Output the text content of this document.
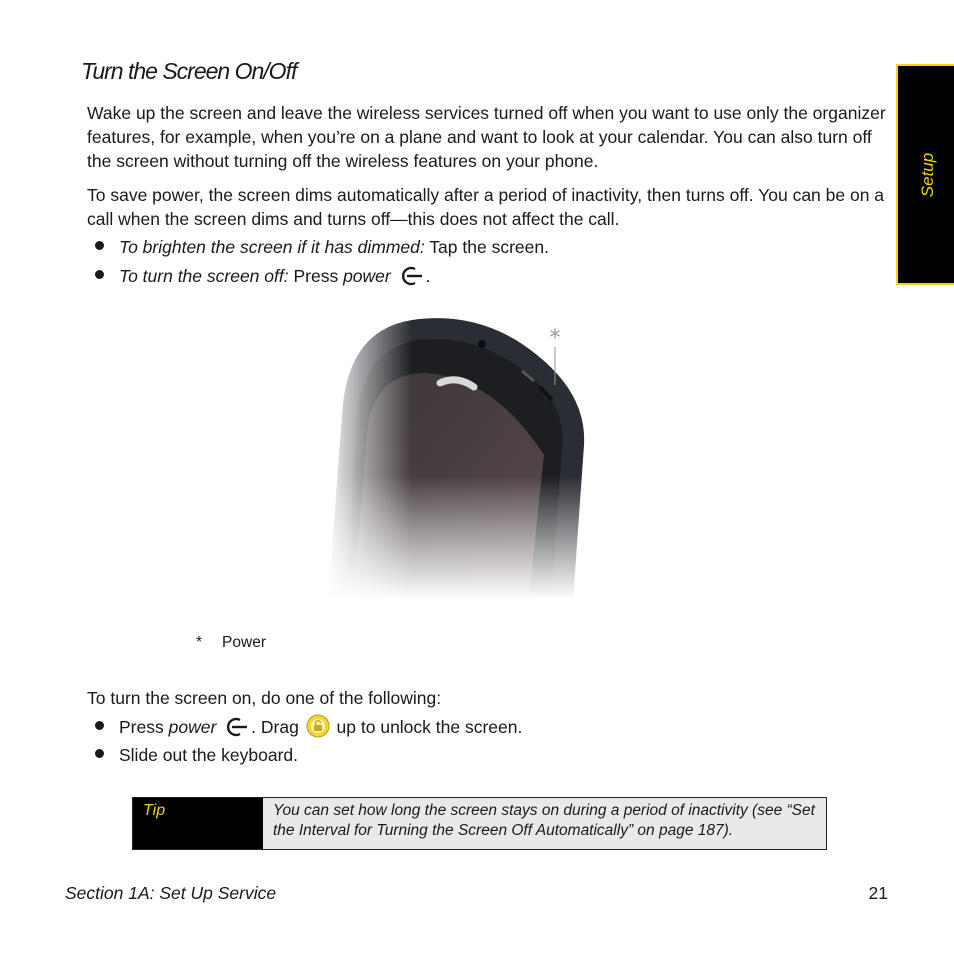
Turn the Screen On/Off

Wake up the screen and leave the wireless services turned off when you want to use only the organizer features, for example, when you’re on a plane and want to look at your calendar. You can also turn off the screen without turning off the wireless features on your phone.

To save power, the screen dims automatically after a period of inactivity, then turns off. You can be on a call when the screen dims and turns off—this does not affect the call.

To brighten the screen if it has dimmed: Tap the screen.
To turn the screen off: Press power .
* Power

To turn the screen on, do one of the following:

Press power . Drag  up to unlock the screen.
Slide out the keyboard.
Tip	You can set how long the screen stays on during a period of inactivity (see “Set the Interval for Turning the Screen Off Automatically” on page 187).
Setup
Section 1A: Set Up Service	21
